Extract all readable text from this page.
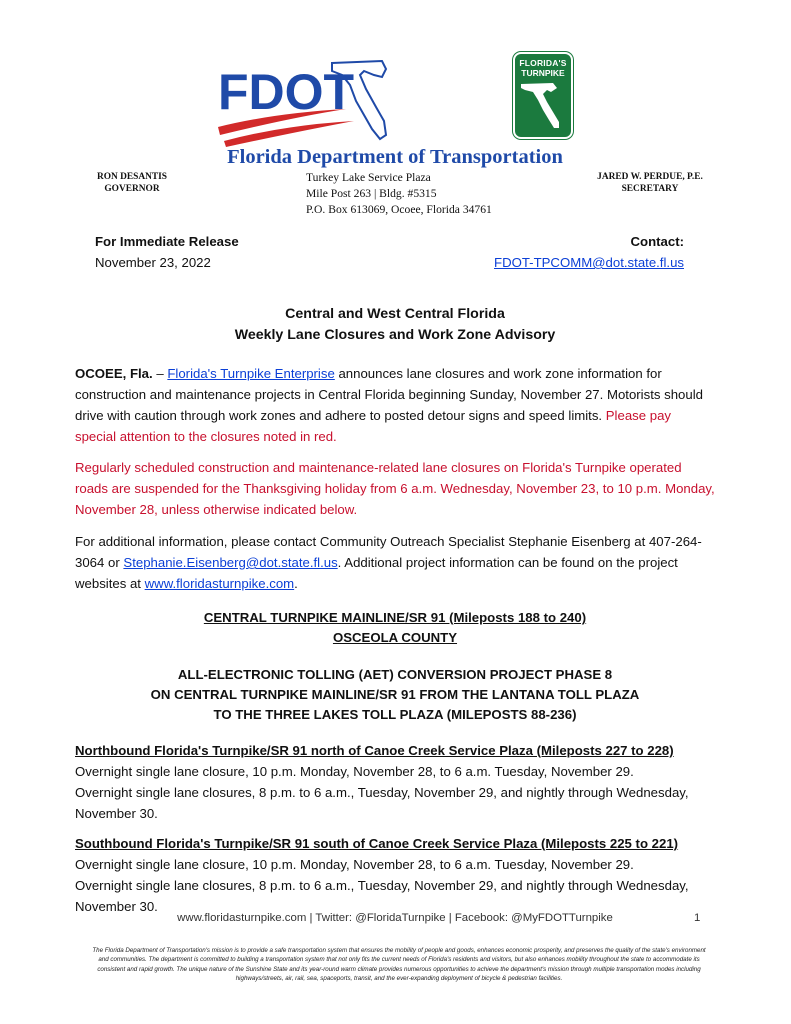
FDOT
FLORIDA'S
TURNPIKE
Florida Department of Transportation
RON DESANTIS
GOVERNOR
JARED W. PERDUE, P.E.
SECRETARY
Turkey Lake Service Plaza
Mile Post 263 | Bldg. #5315
P.O. Box 613069, Ocoee, Florida 34761
For Immediate Release
November 23, 2022
Contact:
FDOT-TPCOMM@dot.state.fl.us
Central and West Central Florida
Weekly Lane Closures and Work Zone Advisory
OCOEE, Fla. – Florida's Turnpike Enterprise announces lane closures and work zone information for construction and maintenance projects in Central Florida beginning Sunday, November 27. Motorists should drive with caution through work zones and adhere to posted detour signs and speed limits. Please pay special attention to the closures noted in red.
Regularly scheduled construction and maintenance-related lane closures on Florida's Turnpike operated roads are suspended for the Thanksgiving holiday from 6 a.m. Wednesday, November 23, to 10 p.m. Monday, November 28, unless otherwise indicated below.
For additional information, please contact Community Outreach Specialist Stephanie Eisenberg at 407-264-3064 or Stephanie.Eisenberg@dot.state.fl.us. Additional project information can be found on the project websites at www.floridasturnpike.com.
CENTRAL TURNPIKE MAINLINE/SR 91 (Mileposts 188 to 240)
OSCEOLA COUNTY
ALL-ELECTRONIC TOLLING (AET) CONVERSION PROJECT PHASE 8
ON CENTRAL TURNPIKE MAINLINE/SR 91 FROM THE LANTANA TOLL PLAZA
TO THE THREE LAKES TOLL PLAZA (MILEPOSTS 88-236)
Northbound Florida's Turnpike/SR 91 north of Canoe Creek Service Plaza (Mileposts 227 to 228)
Overnight single lane closure, 10 p.m. Monday, November 28, to 6 a.m. Tuesday, November 29.
Overnight single lane closures, 8 p.m. to 6 a.m., Tuesday, November 29, and nightly through Wednesday, November 30.
Southbound Florida's Turnpike/SR 91 south of Canoe Creek Service Plaza (Mileposts 225 to 221)
Overnight single lane closure, 10 p.m. Monday, November 28, to 6 a.m. Tuesday, November 29.
Overnight single lane closures, 8 p.m. to 6 a.m., Tuesday, November 29, and nightly through Wednesday, November 30.
www.floridasturnpike.com | Twitter: @FloridaTurnpike | Facebook: @MyFDOTTurnpike	1
The Florida Department of Transportation's mission is to provide a safe transportation system that ensures the mobility of people and goods, enhances economic prosperity, and preserves the quality of the state's environment and communities. The department is committed to building a transportation system that not only fits the current needs of Florida's residents and visitors, but also enhances mobility throughout the state to accommodate its consistent and rapid growth. The unique nature of the Sunshine State and its year-round warm climate provides numerous opportunities to achieve the department's mission through multiple transportation modes including highways/streets, air, rail, sea, spaceports, transit, and the ever-expanding deployment of bicycle & pedestrian facilities.
